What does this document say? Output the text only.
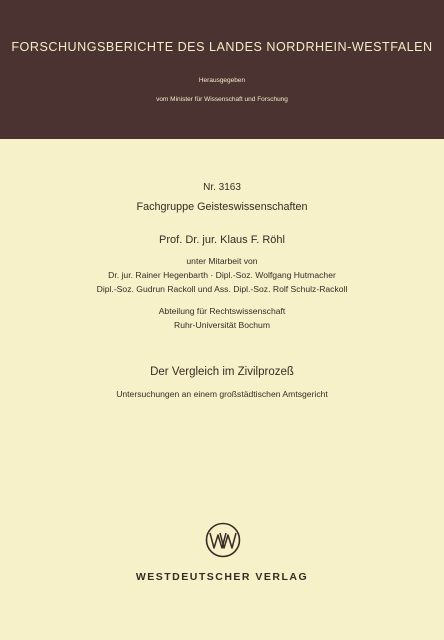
FORSCHUNGSBERICHTE DES LANDES NORDRHEIN-WESTFALEN
Herausgegeben
vom Minister für Wissenschaft und Forschung
Nr. 3163
Fachgruppe Geisteswissenschaften
Prof. Dr. jur. Klaus F. Röhl
unter Mitarbeit von
Dr. jur. Rainer Hegenbarth · Dipl.-Soz. Wolfgang Hutmacher
Dipl.-Soz. Gudrun Rackoll und Ass. Dipl.-Soz. Rolf Schulz-Rackoll
Abteilung für Rechtswissenschaft
Ruhr-Universität Bochum
Der Vergleich im Zivilprozeß
Untersuchungen an einem großstädtischen Amtsgericht
WESTDEUTSCHER VERLAG
